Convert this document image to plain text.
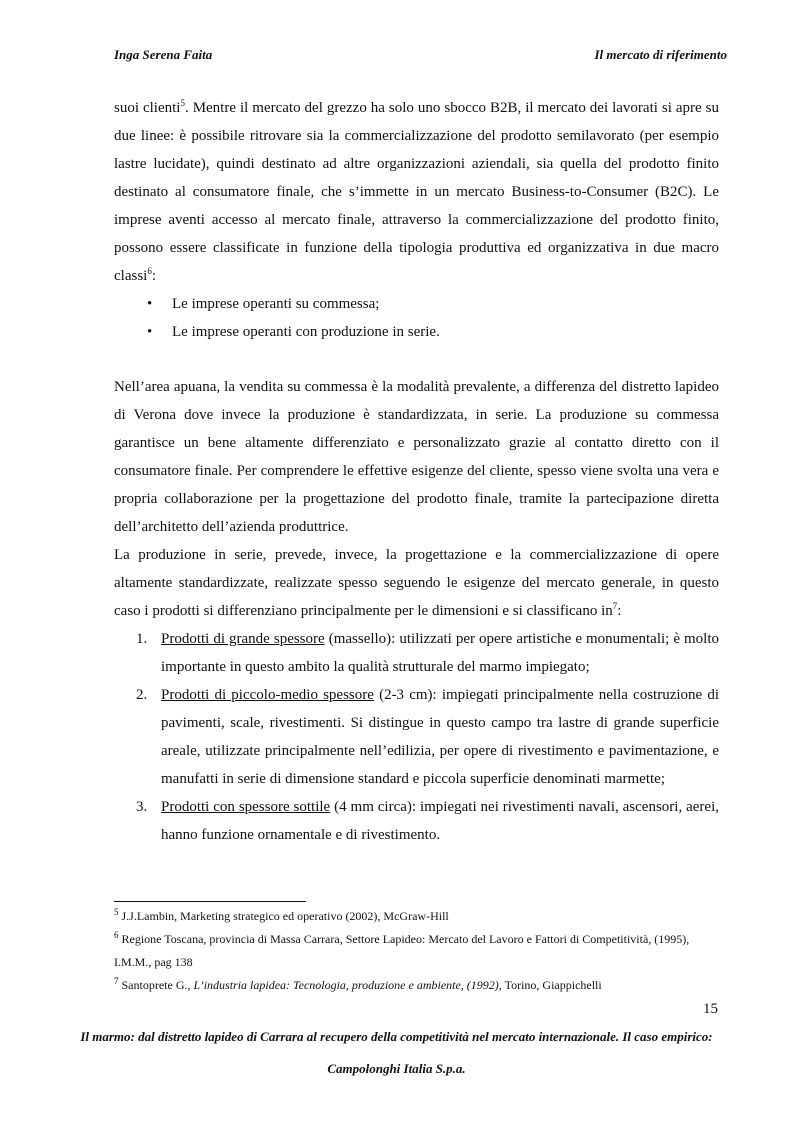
Inga Serena Faita	Il mercato di riferimento

suoi clienti$^5$. Mentre il mercato del grezzo ha solo uno sbocco B2B, il mercato dei lavorati si apre su due linee: è possibile ritrovare sia la commercializzazione del prodotto semilavorato (per esempio lastre lucidate), quindi destinato ad altre organizzazioni aziendali, sia quella del prodotto finito destinato al consumatore finale, che s’immette in un mercato Business-to-Consumer (B2C). Le imprese aventi accesso al mercato finale, attraverso la commercializzazione del prodotto finito, possono essere classificate in funzione della tipologia produttiva ed organizzativa in due macro classi$^6$:

• Le imprese operanti su commessa;
• Le imprese operanti con produzione in serie.

Nell’area apuana, la vendita su commessa è la modalità prevalente, a differenza del distretto lapideo di Verona dove invece la produzione è standardizzata, in serie. La produzione su commessa garantisce un bene altamente differenziato e personalizzato grazie al contatto diretto con il consumatore finale. Per comprendere le effettive esigenze del cliente, spesso viene svolta una vera e propria collaborazione per la progettazione del prodotto finale, tramite la partecipazione diretta dell’architetto dell’azienda produttrice.

La produzione in serie, prevede, invece, la progettazione e la commercializzazione di opere altamente standardizzate, realizzate spesso seguendo le esigenze del mercato generale, in questo caso i prodotti si differenziano principalmente per le dimensioni e si classificano $in^7$:

1. Prodotti di grande spessore (massello): utilizzati per opere artistiche e monumentali; è molto importante in questo ambito la qualità strutturale del marmo impiegato;
2. Prodotti di piccolo-medio spessore (2-3 cm): impiegati principalmente nella costruzione di pavimenti, scale, rivestimenti. Si distingue in questo campo tra lastre di grande superficie areale, utilizzate principalmente nell’edilizia, per opere di rivestimento e pavimentazione, e manufatti in serie di dimensione standard e piccola superficie denominati marmette;
3. Prodotti con spessore sottile (4 mm circa): impiegati nei rivestimenti navali, ascensori, aerei, hanno funzione ornamentale e di rivestimento.

$^5$ J.J.Lambin, Marketing strategico ed operativo (2002), McGraw-Hill

$^6$ Regione Toscana, provincia di Massa Carrara, Settore Lapideo: Mercato del Lavoro e Fattori di Competitività, (1995), I.M.M., pag 138

$^7$ Santoprete G., L’industria lapidea: Tecnologia, produzione e ambiente, (1992), Torino, Giappichelli

15
Il marmo: dal distretto lapideo di Carrara al recupero della competitività nel mercato internazionale. Il caso empirico:
Campolonghi Italia S.p.a.
